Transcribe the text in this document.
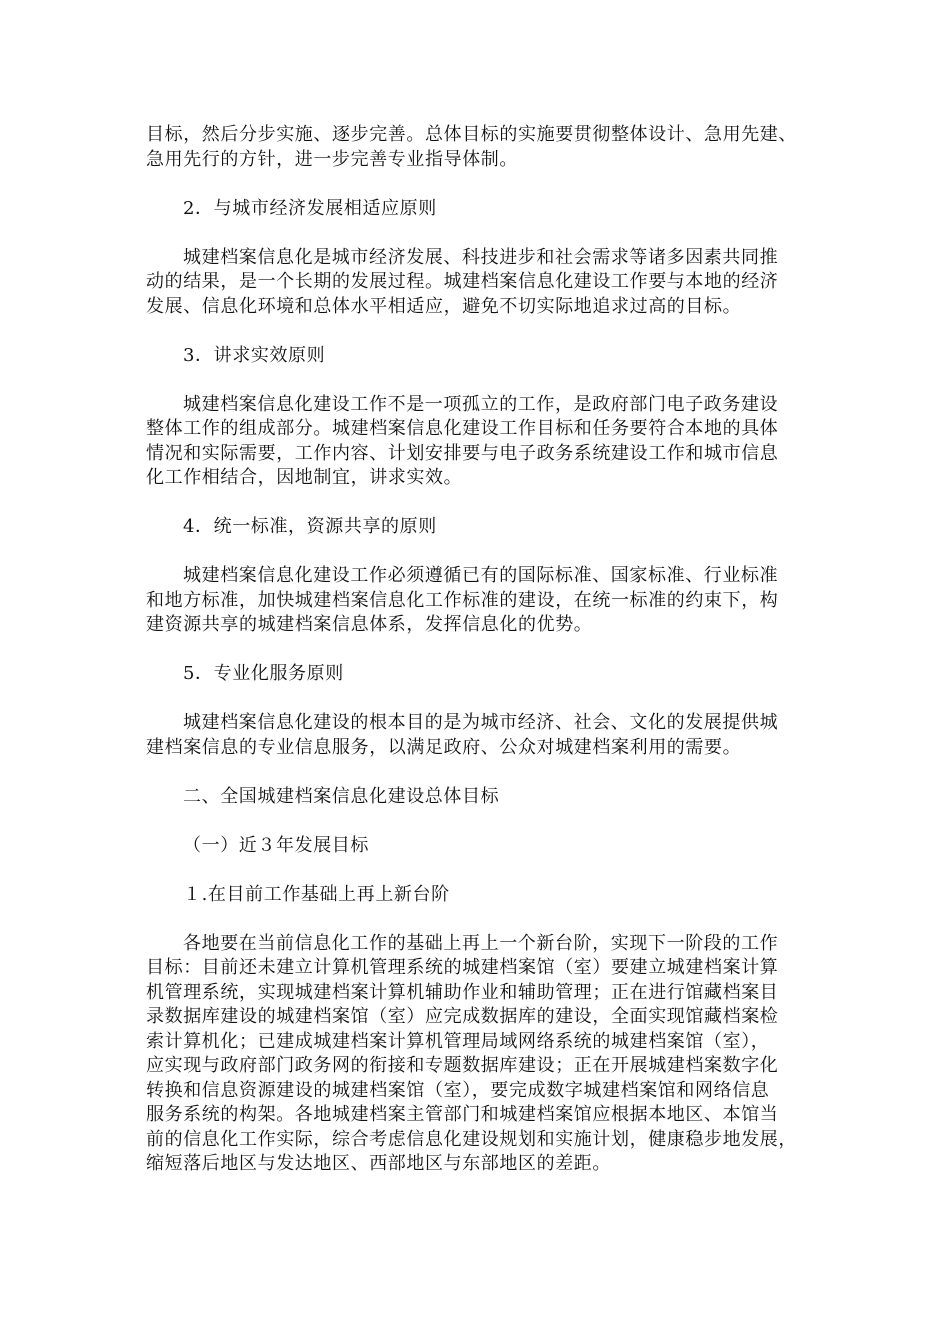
目标，然后分步实施、逐步完善。总体目标的实施要贯彻整体设计、急用先建、
急用先行的方针，进一步完善专业指导体制。

2．与城市经济发展相适应原则

城建档案信息化是城市经济发展、科技进步和社会需求等诸多因素共同推
动的结果，是一个长期的发展过程。城建档案信息化建设工作要与本地的经济
发展、信息化环境和总体水平相适应，避免不切实际地追求过高的目标。

3．讲求实效原则

城建档案信息化建设工作不是一项孤立的工作，是政府部门电子政务建设
整体工作的组成部分。城建档案信息化建设工作目标和任务要符合本地的具体
情况和实际需要，工作内容、计划安排要与电子政务系统建设工作和城市信息
化工作相结合，因地制宜，讲求实效。

4．统一标准，资源共享的原则

城建档案信息化建设工作必须遵循已有的国际标准、国家标准、行业标准
和地方标准，加快城建档案信息化工作标准的建设，在统一标准的约束下，构
建资源共享的城建档案信息体系，发挥信息化的优势。

5．专业化服务原则

城建档案信息化建设的根本目的是为城市经济、社会、文化的发展提供城
建档案信息的专业信息服务，以满足政府、公众对城建档案利用的需要。

二、全国城建档案信息化建设总体目标

（一）近３年发展目标

１.在目前工作基础上再上新台阶

各地要在当前信息化工作的基础上再上一个新台阶，实现下一阶段的工作
目标：目前还未建立计算机管理系统的城建档案馆（室）要建立城建档案计算
机管理系统，实现城建档案计算机辅助作业和辅助管理；正在进行馆藏档案目
录数据库建设的城建档案馆（室）应完成数据库的建设，全面实现馆藏档案检
索计算机化；已建成城建档案计算机管理局域网络系统的城建档案馆（室），
应实现与政府部门政务网的衔接和专题数据库建设；正在开展城建档案数字化
转换和信息资源建设的城建档案馆（室），要完成数字城建档案馆和网络信息
服务系统的构架。各地城建档案主管部门和城建档案馆应根据本地区、本馆当
前的信息化工作实际，综合考虑信息化建设规划和实施计划，健康稳步地发展，
缩短落后地区与发达地区、西部地区与东部地区的差距。
